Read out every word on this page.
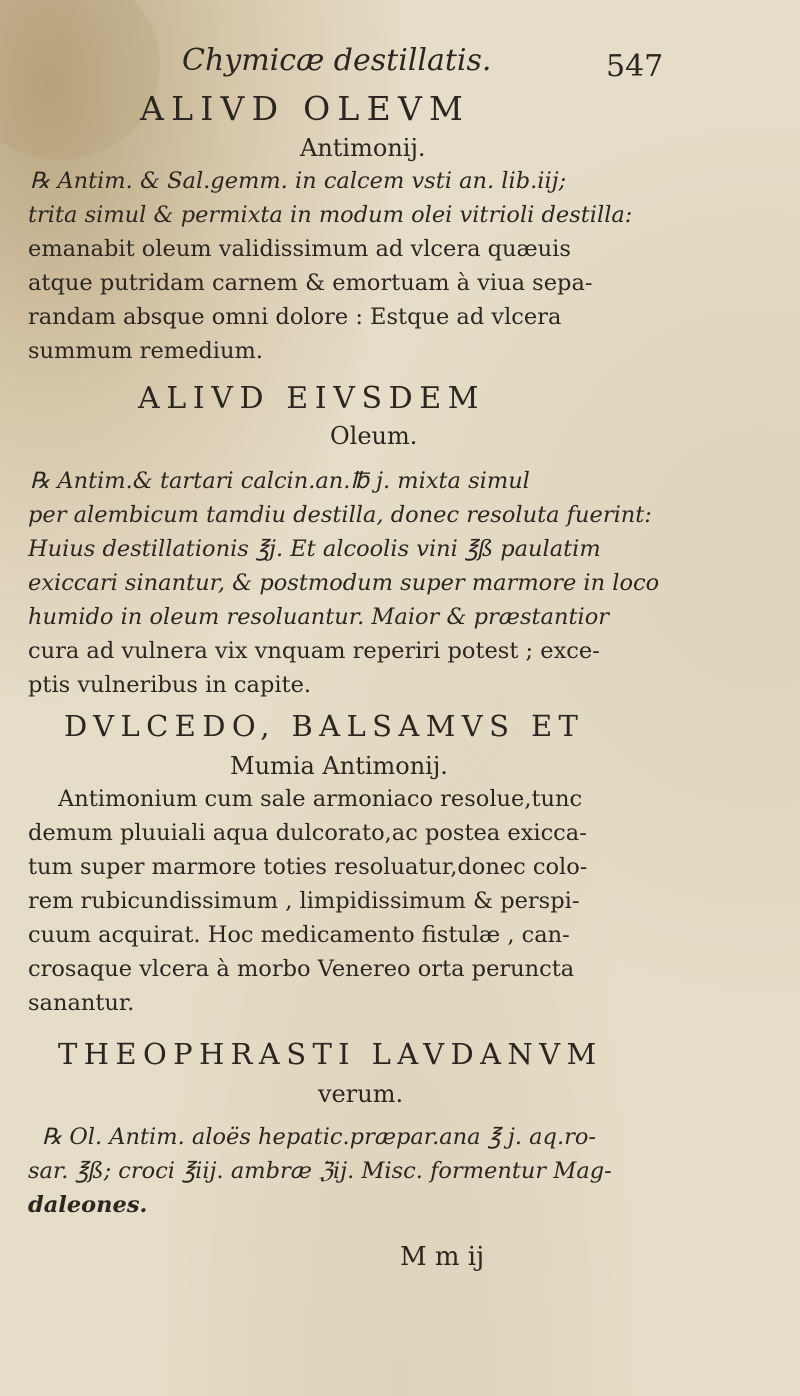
Chymicæ destillatis.	547
ALIVD OLEVM
Antimonij.
℞ Antim. & Sal.gemm. in calcem vsti an. lib.iij;
trita simul & permixta in modum olei vitrioli destilla:
emanabit oleum validissimum ad vlcera quæuis
atque putridam carnem & emortuam à viua sepa-
randam absque omni dolore : Estque ad vlcera
summum remedium.
ALIVD EIVSDEM
Oleum.
℞ Antim.& tartari calcin.an.℔ j. mixta simul
per alembicum tamdiu destilla, donec resoluta fuerint:
Huius destillationis ℥j. Et alcoolis vini ℥ß paulatim
exiccari sinantur, & postmodum super marmore in loco
humido in oleum resoluantur. Maior & præstantior
cura ad vulnera vix vnquam reperiri potest ; exce-
ptis vulneribus in capite.
DVLCEDO, BALSAMVS ET
Mumia Antimonij.
Antimonium cum sale armoniaco resolue,tunc
demum pluuiali aqua dulcorato,ac postea exicca-
tum super marmore toties resoluatur,donec colo-
rem rubicundissimum , limpidissimum & perspi-
cuum acquirat. Hoc medicamento fistulæ , can-
crosaque vlcera à morbo Venereo orta peruncta
sanantur.
THEOPHRASTI LAVDANVM
verum.
℞ Ol. Antim. aloës hepatic.præpar.ana ℥ j. aq.ro-
sar. ℥ß; croci ℥iij. ambræ ℨij. Misc. formentur Mag-
daleones.
M m ij
